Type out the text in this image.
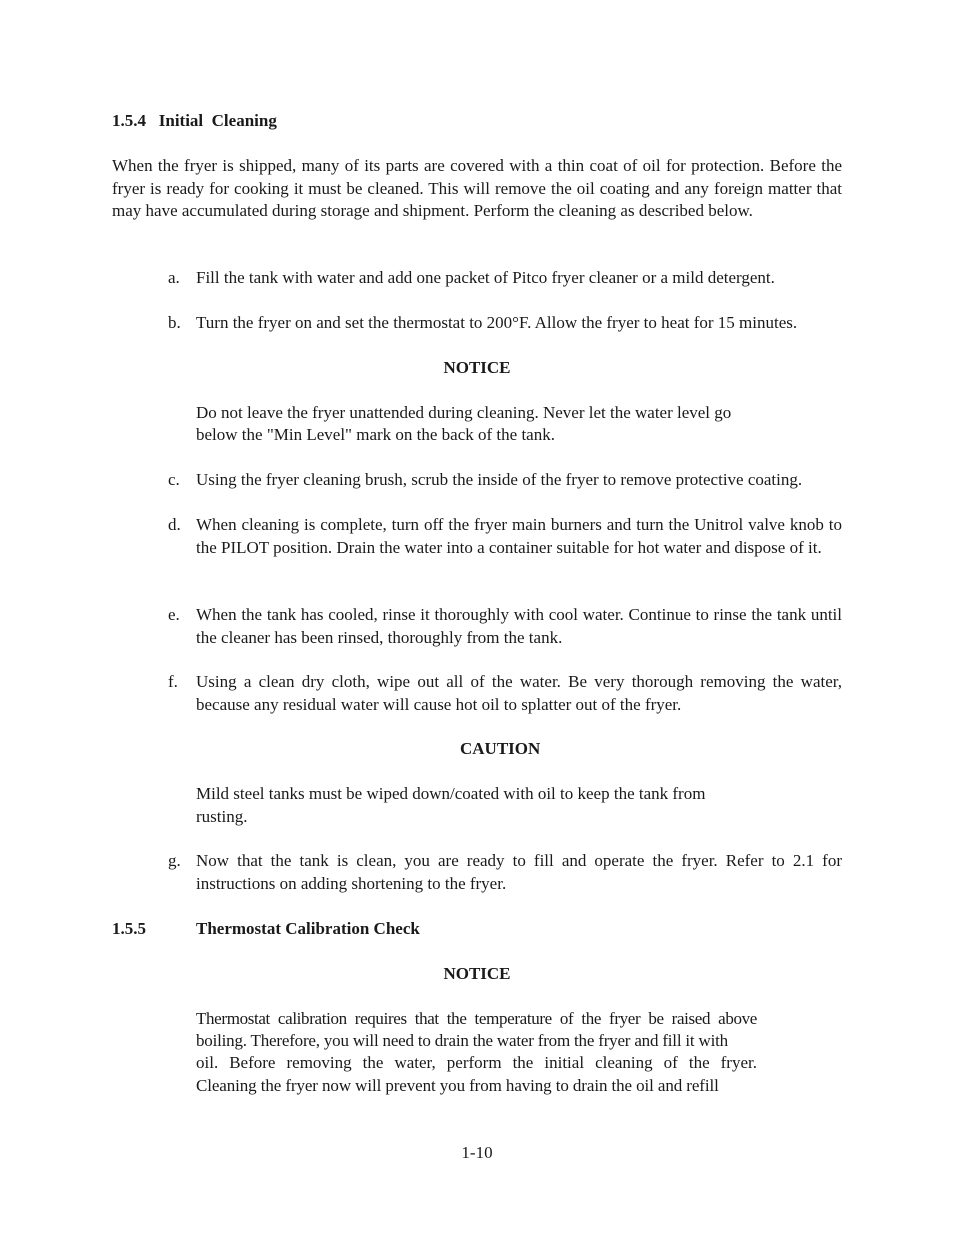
1.5.4   Initial  Cleaning
When the fryer is shipped, many of its parts are covered with a thin coat of oil for protection. Before the fryer is ready for cooking it must be cleaned. This will remove the oil coating and any foreign matter that may have accumulated during storage and shipment. Perform the cleaning as described below.
a. Fill the tank with water and add one packet of Pitco fryer cleaner or a mild detergent.
b. Turn the fryer on and set the thermostat to 200°F. Allow the fryer to heat for 15 minutes.
NOTICE
Do not leave the fryer unattended during cleaning. Never let the water level go
below the "Min Level" mark on the back of the tank.
c. Using the fryer cleaning brush, scrub the inside of the fryer to remove protective coating.
d. When cleaning is complete, turn off the fryer main burners and turn the Unitrol valve knob to the PILOT position. Drain the water into a container suitable for hot water and dispose of it.
e. When the tank has cooled, rinse it thoroughly with cool water. Continue to rinse the tank until the cleaner has been rinsed, thoroughly from the tank.
f.	Using a clean dry cloth, wipe out all of the water. Be very thorough removing the water, because any residual water will cause hot oil to splatter out of the fryer.
CAUTION
Mild steel tanks must be wiped down/coated with oil to keep the tank from
rusting.
g. Now that the tank is clean, you are ready to fill and operate the fryer. Refer to 2.1 for instructions on adding shortening to the fryer.
1.5.5	Thermostat Calibration Check
NOTICE
Thermostat calibration requires that the temperature of the fryer be raised above
boiling. Therefore, you will need to drain the water from the fryer and fill it with
oil. Before removing the water, perform the initial cleaning of the fryer.
Cleaning the fryer now will prevent you from having to drain the oil and refill
1-10
